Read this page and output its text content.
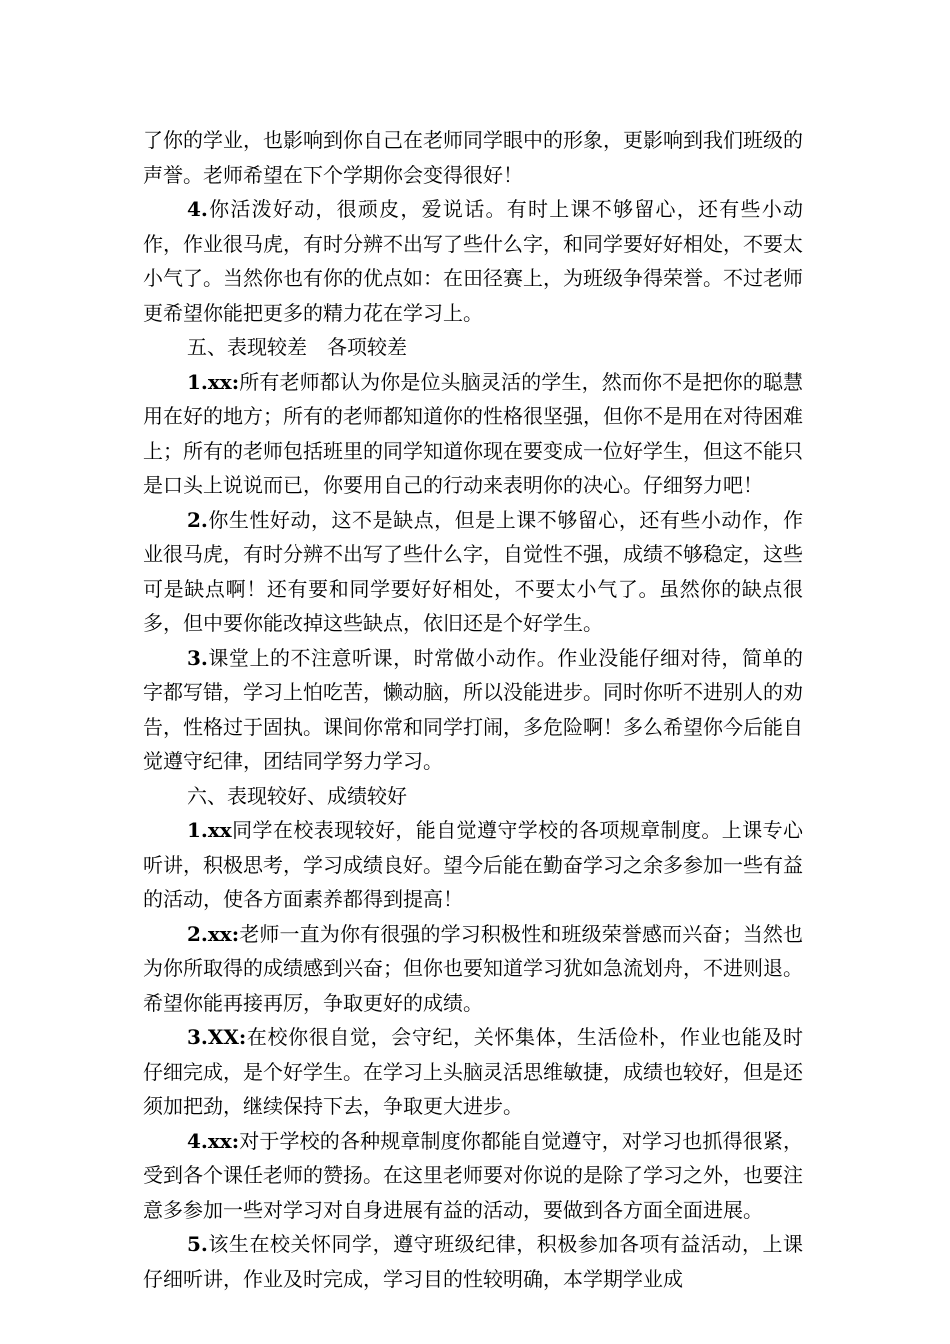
了你的学业，也影响到你自己在老师同学眼中的形象，更影响到我们班级的声誉。老师希望在下个学期你会变得很好！

4.你活泼好动，很顽皮，爱说话。有时上课不够留心，还有些小动作，作业很马虎，有时分辨不出写了些什么字，和同学要好好相处，不要太小气了。当然你也有你的优点如：在田径赛上，为班级争得荣誉。不过老师更希望你能把更多的精力花在学习上。

五、表现较差　各项较差

1.xx:所有老师都认为你是位头脑灵活的学生，然而你不是把你的聪慧用在好的地方；所有的老师都知道你的性格很坚强，但你不是用在对待困难上；所有的老师包括班里的同学知道你现在要变成一位好学生，但这不能只是口头上说说而已，你要用自己的行动来表明你的决心。仔细努力吧！

2.你生性好动，这不是缺点，但是上课不够留心，还有些小动作，作业很马虎，有时分辨不出写了些什么字，自觉性不强，成绩不够稳定，这些可是缺点啊！还有要和同学要好好相处，不要太小气了。虽然你的缺点很多，但中要你能改掉这些缺点，依旧还是个好学生。

3.课堂上的不注意听课，时常做小动作。作业没能仔细对待，简单的字都写错，学习上怕吃苦，懒动脑，所以没能进步。同时你听不进别人的劝告，性格过于固执。课间你常和同学打闹，多危险啊！多么希望你今后能自觉遵守纪律，团结同学努力学习。

六、表现较好、成绩较好

1.xx同学在校表现较好，能自觉遵守学校的各项规章制度。上课专心听讲，积极思考，学习成绩良好。望今后能在勤奋学习之余多参加一些有益的活动，使各方面素养都得到提高！

2.xx:老师一直为你有很强的学习积极性和班级荣誉感而兴奋；当然也为你所取得的成绩感到兴奋；但你也要知道学习犹如急流划舟，不进则退。希望你能再接再厉，争取更好的成绩。

3.XX:在校你很自觉，会守纪，关怀集体，生活俭朴，作业也能及时仔细完成，是个好学生。在学习上头脑灵活思维敏捷，成绩也较好，但是还须加把劲，继续保持下去，争取更大进步。

4.xx:对于学校的各种规章制度你都能自觉遵守，对学习也抓得很紧，受到各个课任老师的赞扬。在这里老师要对你说的是除了学习之外，也要注意多参加一些对学习对自身进展有益的活动，要做到各方面全面进展。

5.该生在校关怀同学，遵守班级纪律，积极参加各项有益活动，上课仔细听讲，作业及时完成，学习目的性较明确，本学期学业成
